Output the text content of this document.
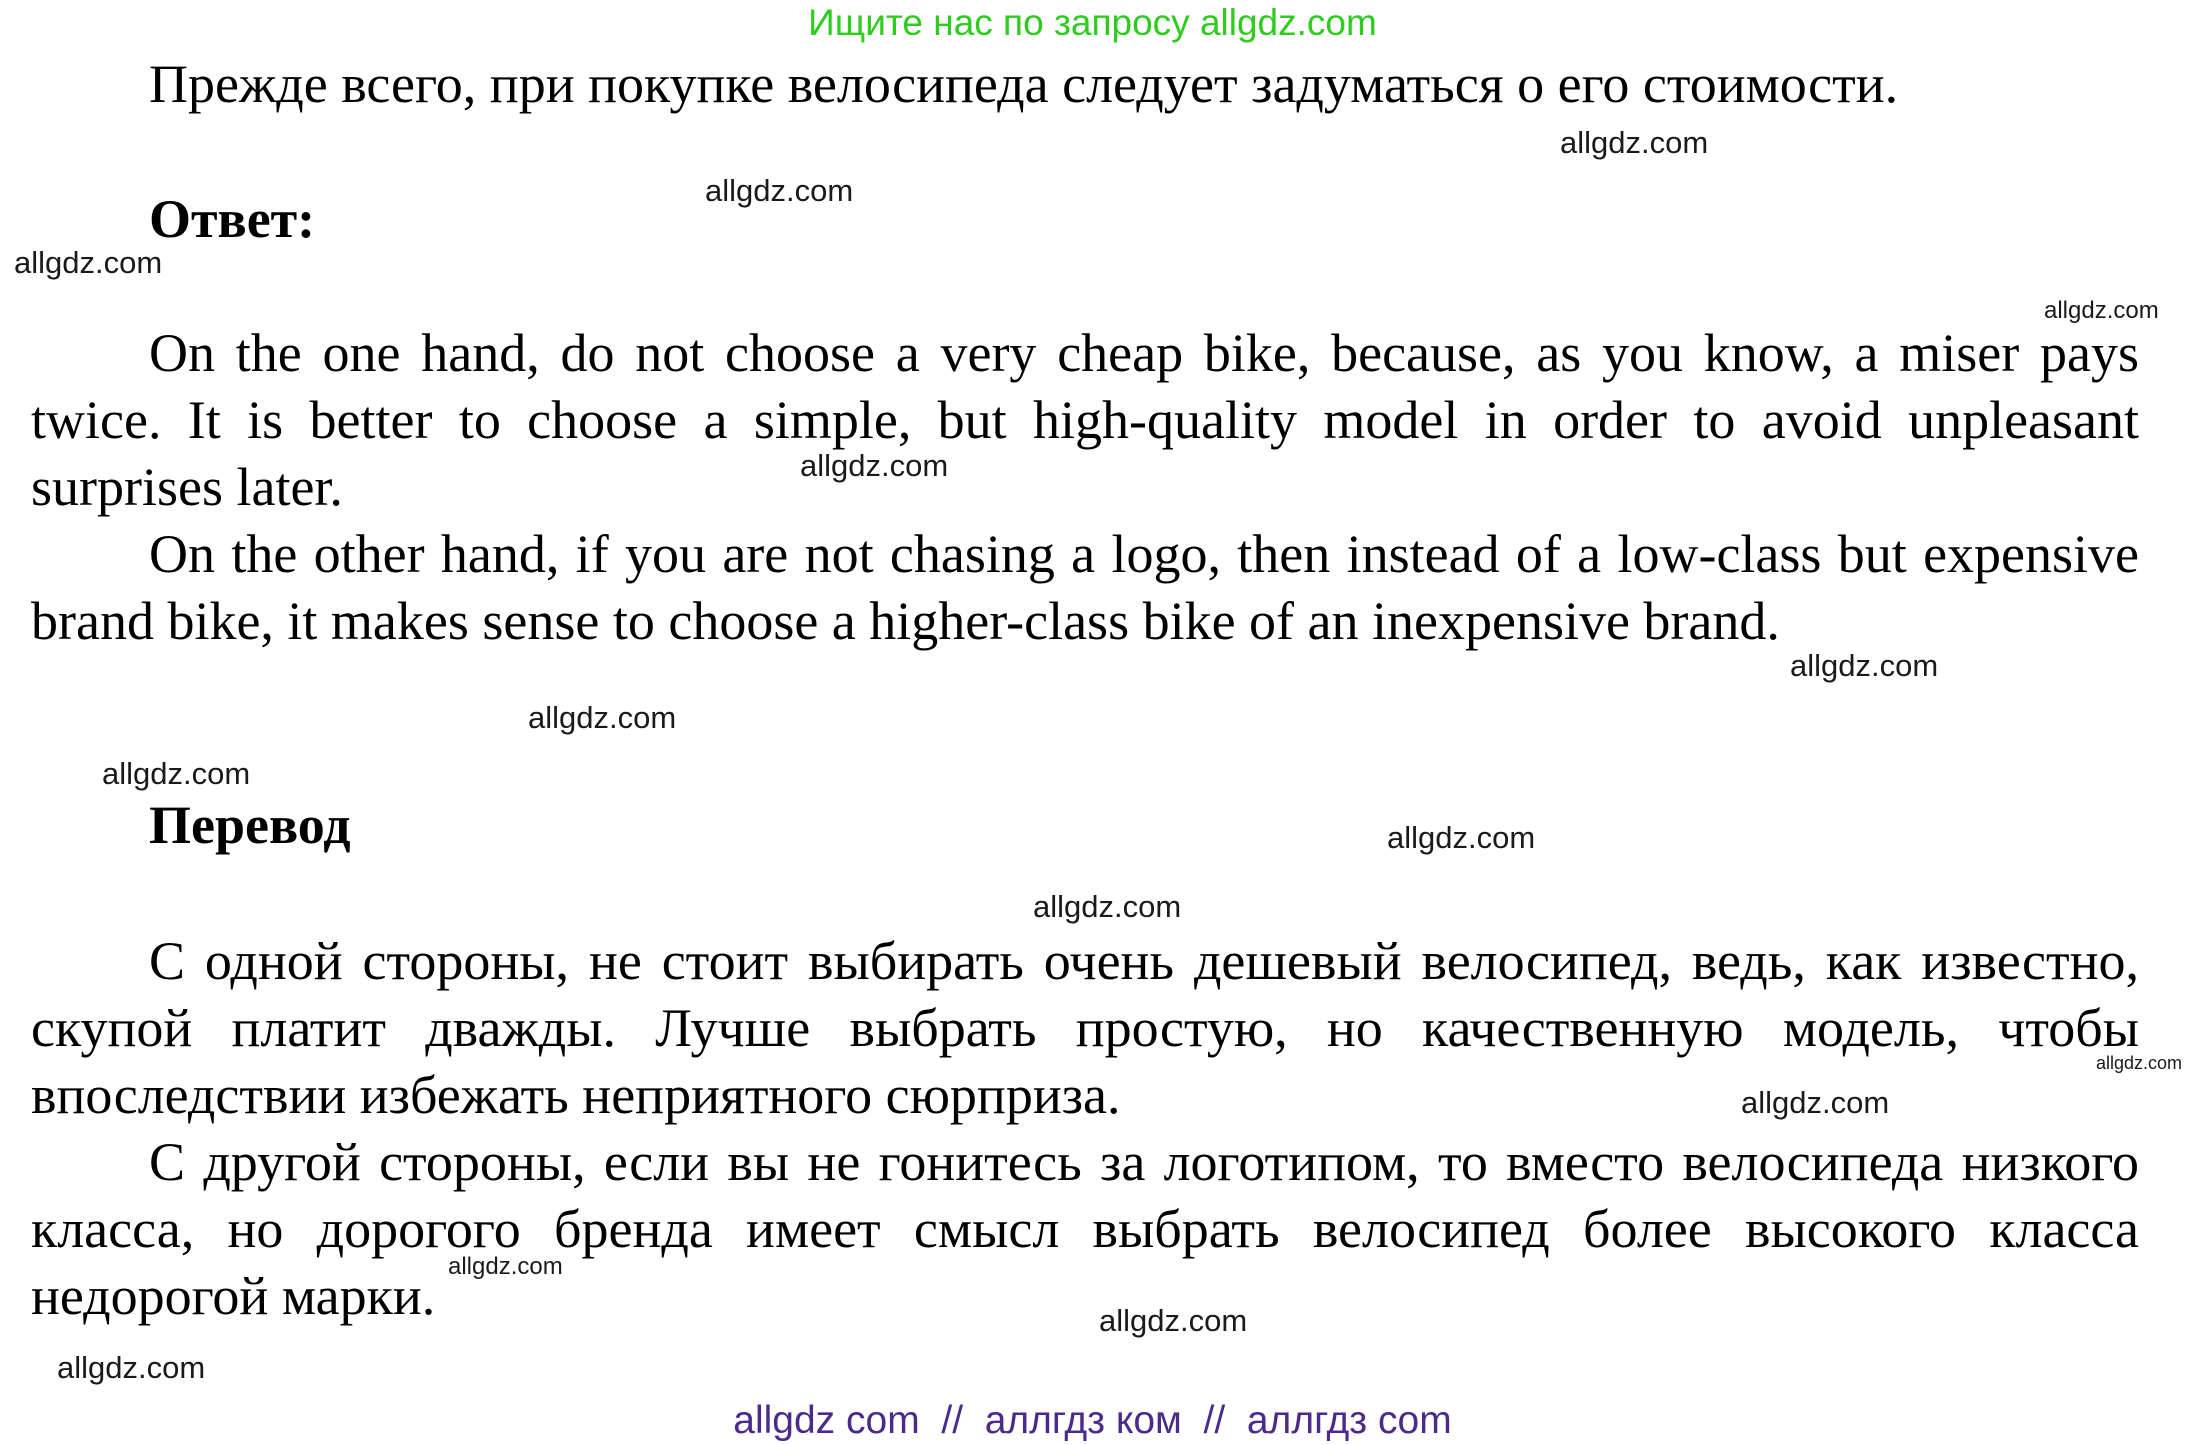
Ищите нас по запросу allgdz.com

Прежде всего, при покупке велосипеда следует задуматься о его стоимости.

Ответ:

On the one hand, do not choose a very cheap bike, because, as you know, a miser pays twice. It is better to choose a simple, but high-quality model in order to avoid unpleasant surprises later.

On the other hand, if you are not chasing a logo, then instead of a low-class but expensive brand bike, it makes sense to choose a higher-class bike of an inexpensive brand.

Перевод

С одной стороны, не стоит выбирать очень дешевый велосипед, ведь, как известно, скупой платит дважды. Лучше выбрать простую, но качественную модель, чтобы впоследствии избежать неприятного сюрприза.

С другой стороны, если вы не гонитесь за логотипом, то вместо велосипеда низкого класса, но дорогого бренда имеет смысл выбрать велосипед более высокого класса недорогой марки.

allgdz.com
allgdz.com
allgdz.com
allgdz.com
allgdz.com
allgdz.com
allgdz.com
allgdz.com
allgdz.com
allgdz.com
allgdz.com
allgdz.com
allgdz.com
allgdz.com
allgdz.com
allgdz com  //  аллгдз ком  //  аллгдз com
